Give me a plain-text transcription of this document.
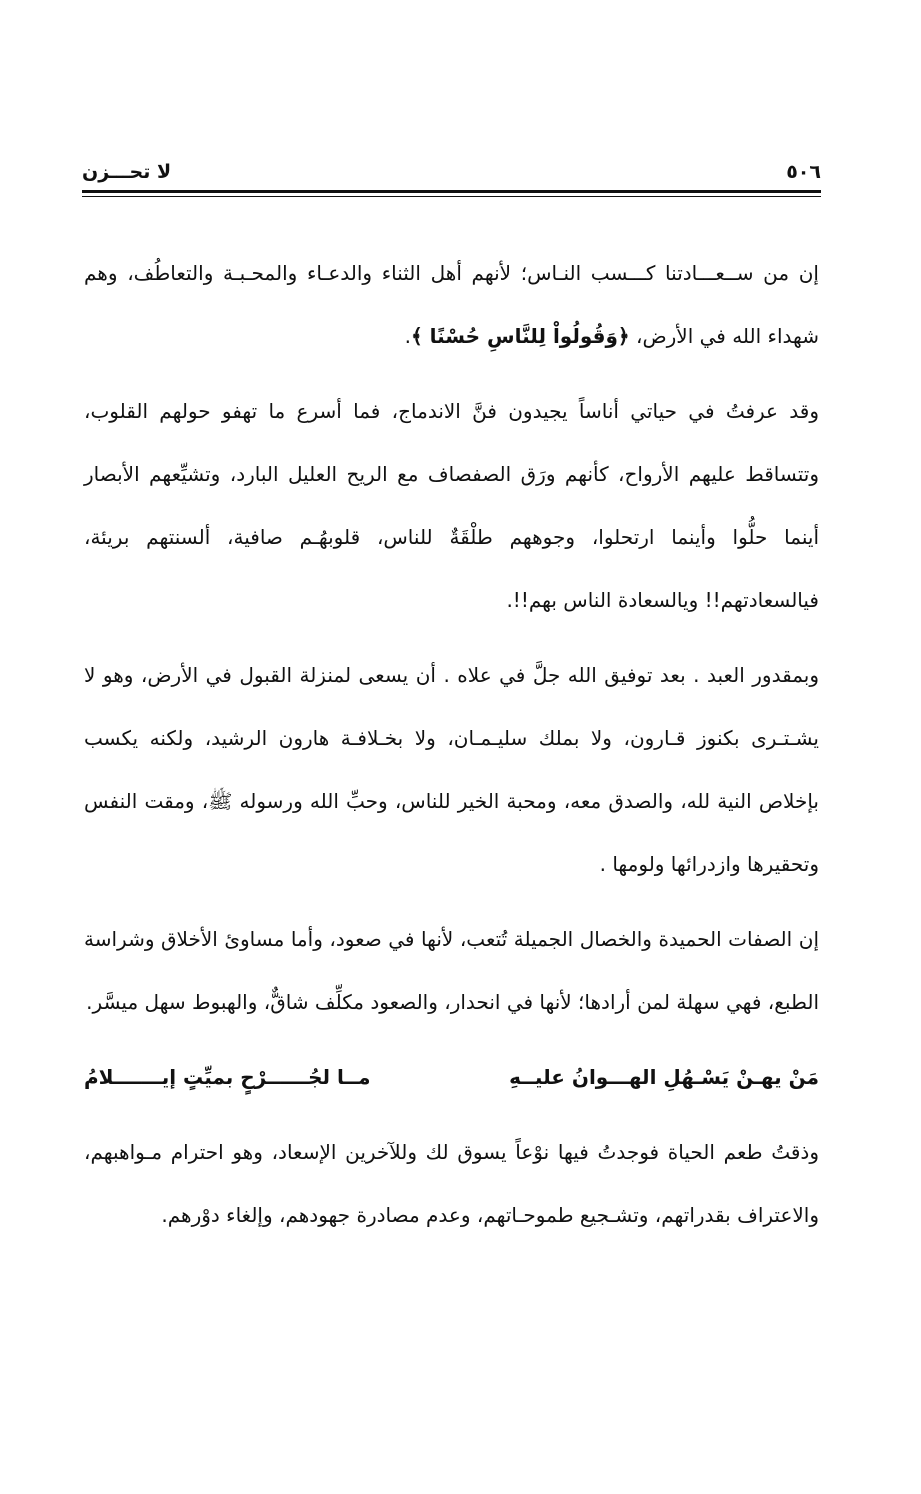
٥٠٦
لا تحـــزن

إن من ســعـــادتنا كـــسب النـاس؛ لأنهم أهل الثناء والدعـاء والمحـبـة والتعاطُف، وهم شهداء الله في الأرض، ﴿وَقُولُواْ لِلنَّاسِ حُسْنًا ﴾.

وقد عرفتُ في حياتي أناساً يجيدون فنَّ الاندماج، فما أسرع ما تهفو حولهم القلوب، وتتساقط عليهم الأرواح، كأنهم ورَق الصفصاف مع الريح العليل البارد، وتشيِّعهم الأبصار أينما حلُّوا وأينما ارتحلوا، وجوههم طلْقَةٌ للناس، قلوبهُـم صافية، ألسنتهم بريئة، فيالسعادتهم!! ويالسعادة الناس بهم!!.

وبمقدور العبد . بعد توفيق الله جلَّ في علاه . أن يسعى لمنزلة القبول في الأرض، وهو لا يشـتـرى بكنوز قـارون، ولا بملك سليـمـان، ولا بخـلافـة هارون الرشيد، ولكنه يكسب بإخلاص النية لله، والصدق معه، ومحبة الخير للناس، وحبِّ الله ورسوله ﷺ، ومقت النفس وتحقيرها وازدرائها ولومها .

إن الصفات الحميدة والخصال الجميلة تُتعب، لأنها في صعود، وأما مساوئ الأخلاق وشراسة الطبع، فهي سهلة لمن أرادها؛ لأنها في انحدار، والصعود مكلِّف شاقٌّ، والهبوط سهل ميسَّر.

مَنْ يهـنْ يَسْـهُلِ الهـــوانُ عليــهِ
مــا لجُــــــرْحٍ بميِّتٍ إيـــــــلامُ

وذقتُ طعم الحياة فوجدتُ فيها نوْعاً يسوق لك وللآخرين الإسعاد، وهو احترام مـواهبهم، والاعتراف بقدراتهم، وتشـجيع طموحـاتهم، وعدم مصادرة جهودهم، وإلغاء دوْرهم.
